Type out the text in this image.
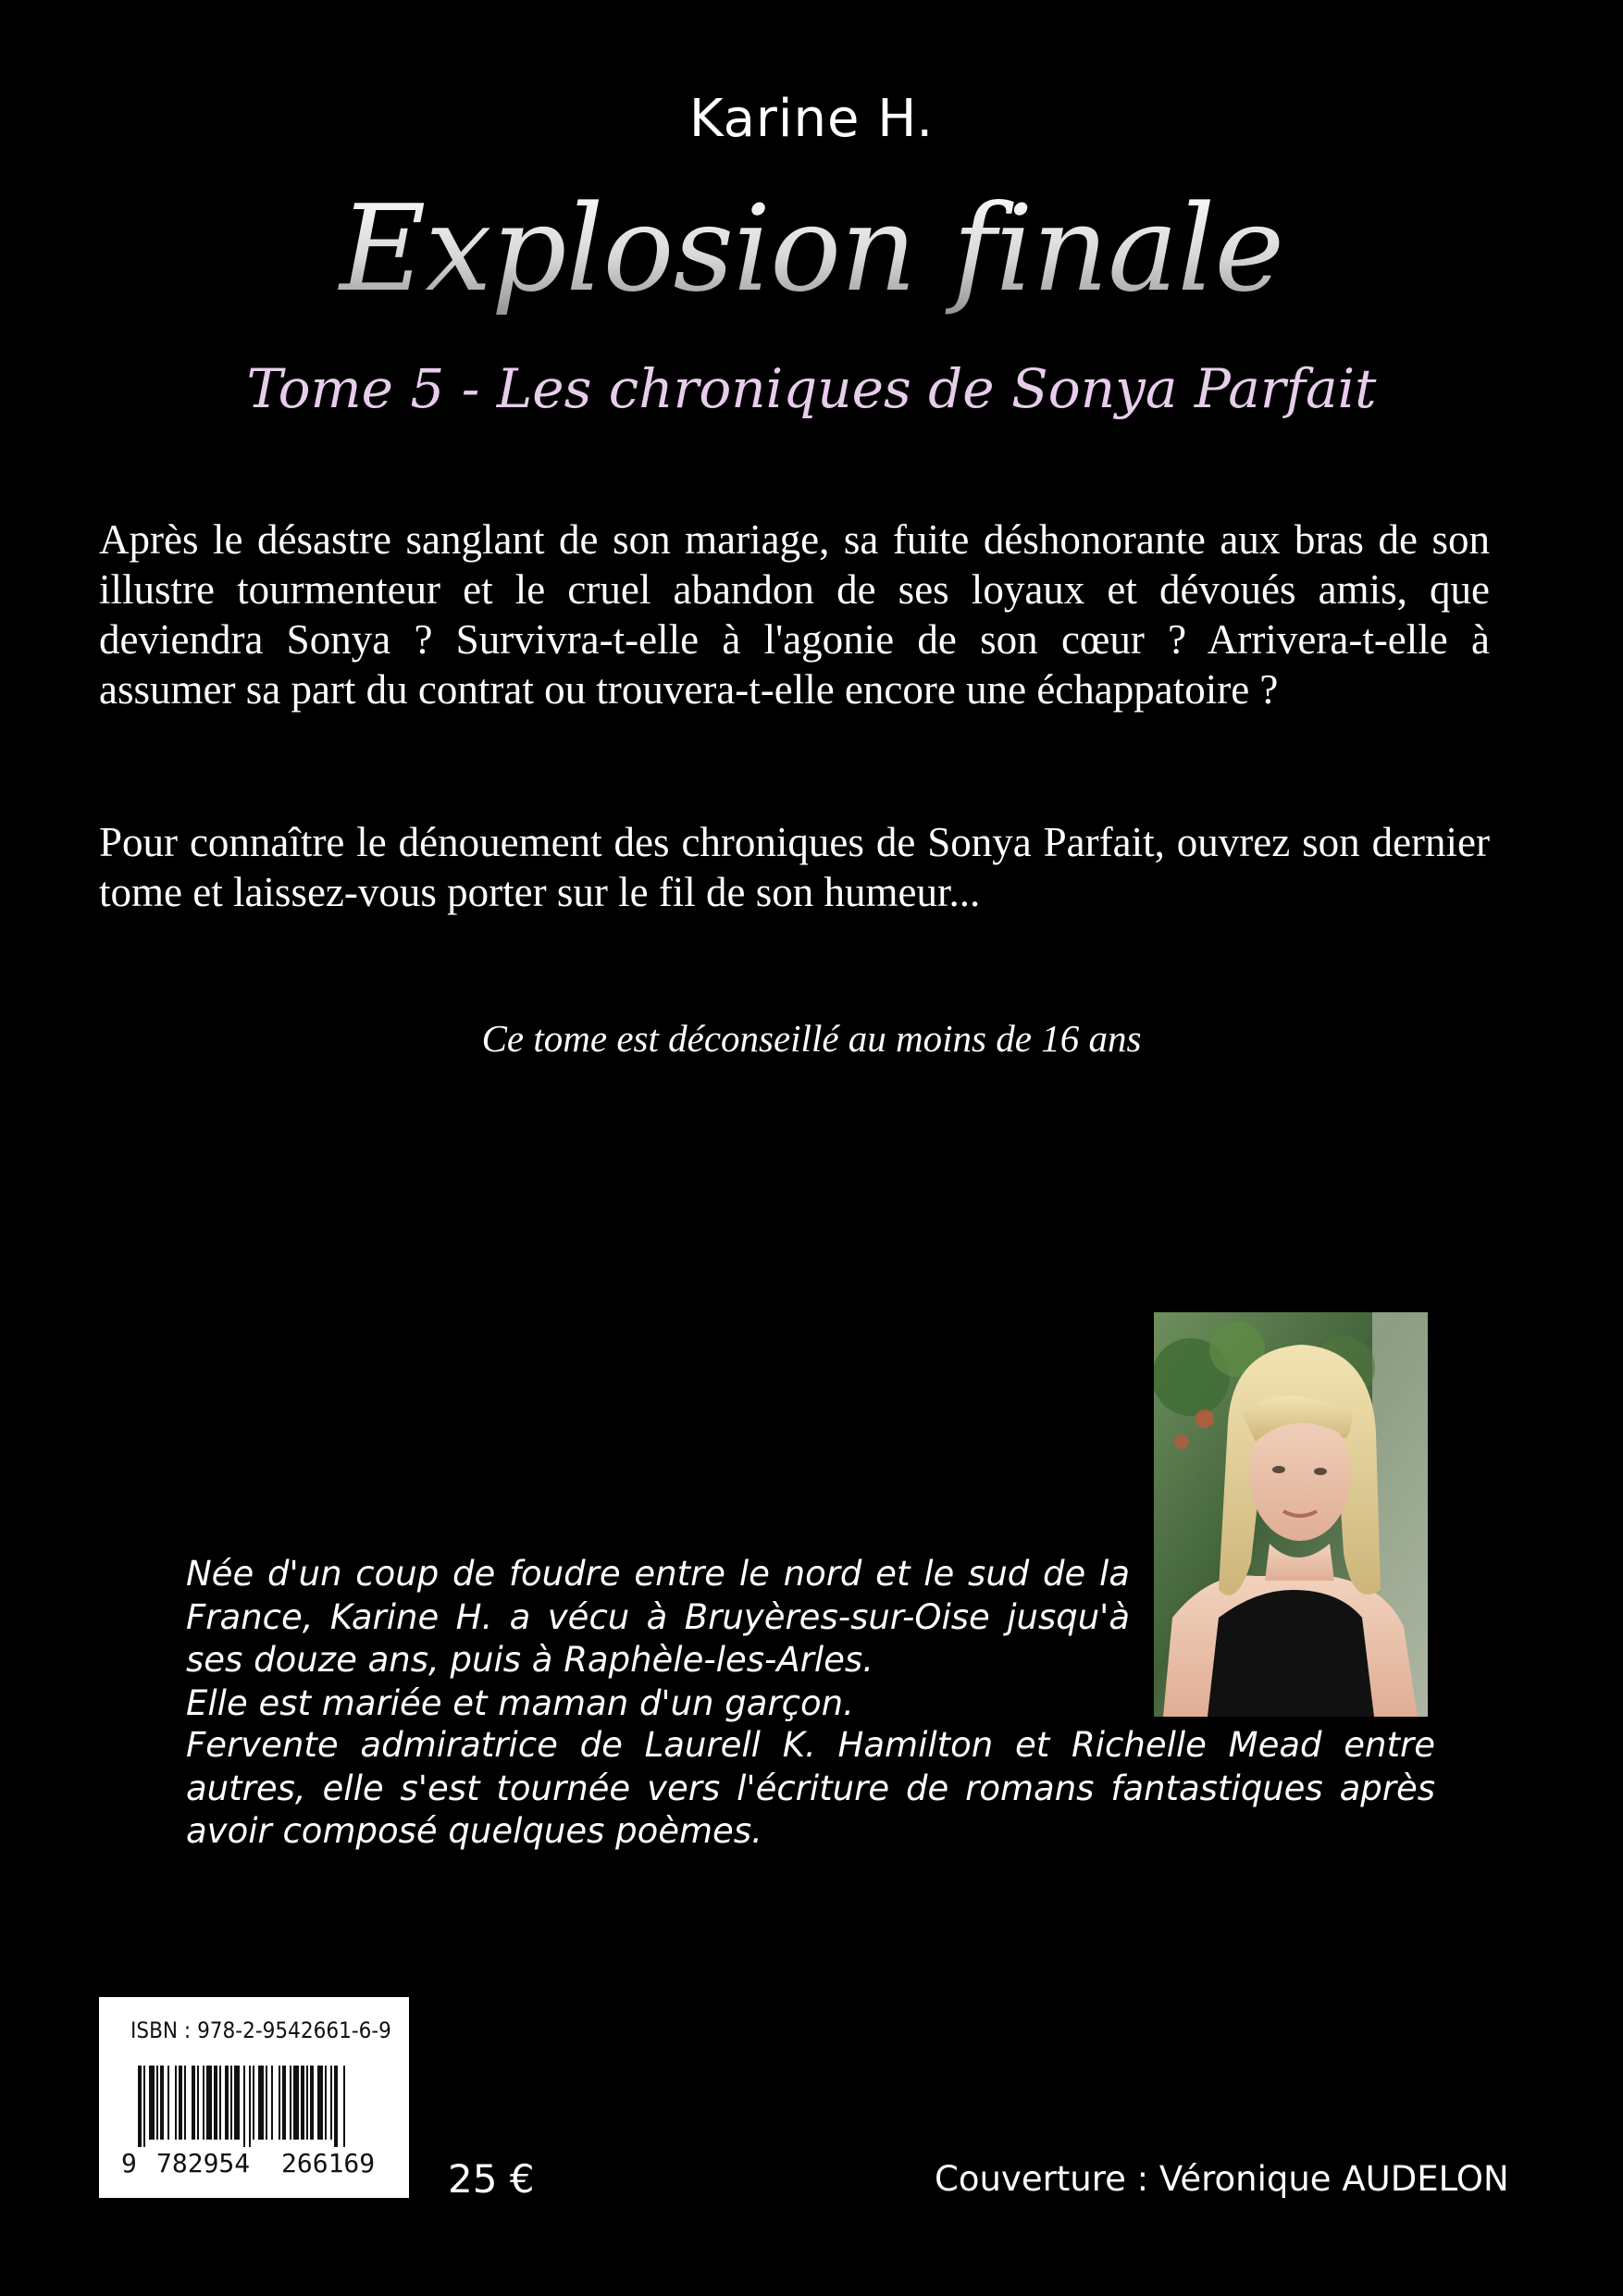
Karine H.
Explosion finale
Tome 5 - Les chroniques de Sonya Parfait

Après le désastre sanglant de son mariage, sa fuite déshonorante aux bras de son illustre tourmenteur et le cruel abandon de ses loyaux et dévoués amis, que deviendra Sonya ? Survivra-t-elle à l'agonie de son cœur ? Arrivera-t-elle à assumer sa part du contrat ou trouvera-t-elle encore une échappatoire ?

Pour connaître le dénouement des chroniques de Sonya Parfait, ouvrez son dernier tome et laissez-vous porter sur le fil de son humeur...

Ce tome est déconseillé au moins de 16 ans

Née d'un coup de foudre entre le nord et le sud de la France, Karine H. a vécu à Bruyères-sur-Oise jusqu'à ses douze ans, puis à Raphèle-les-Arles.

Elle est mariée et maman d'un garçon.

Fervente admiratrice de Laurell K. Hamilton et Richelle Mead entre autres, elle s'est tournée vers l'écriture de romans fantastiques après avoir composé quelques poèmes.

ISBN : 978-2-9542661-6-9
9 782954	266169 25 €	Couverture : Véronique AUDELON
